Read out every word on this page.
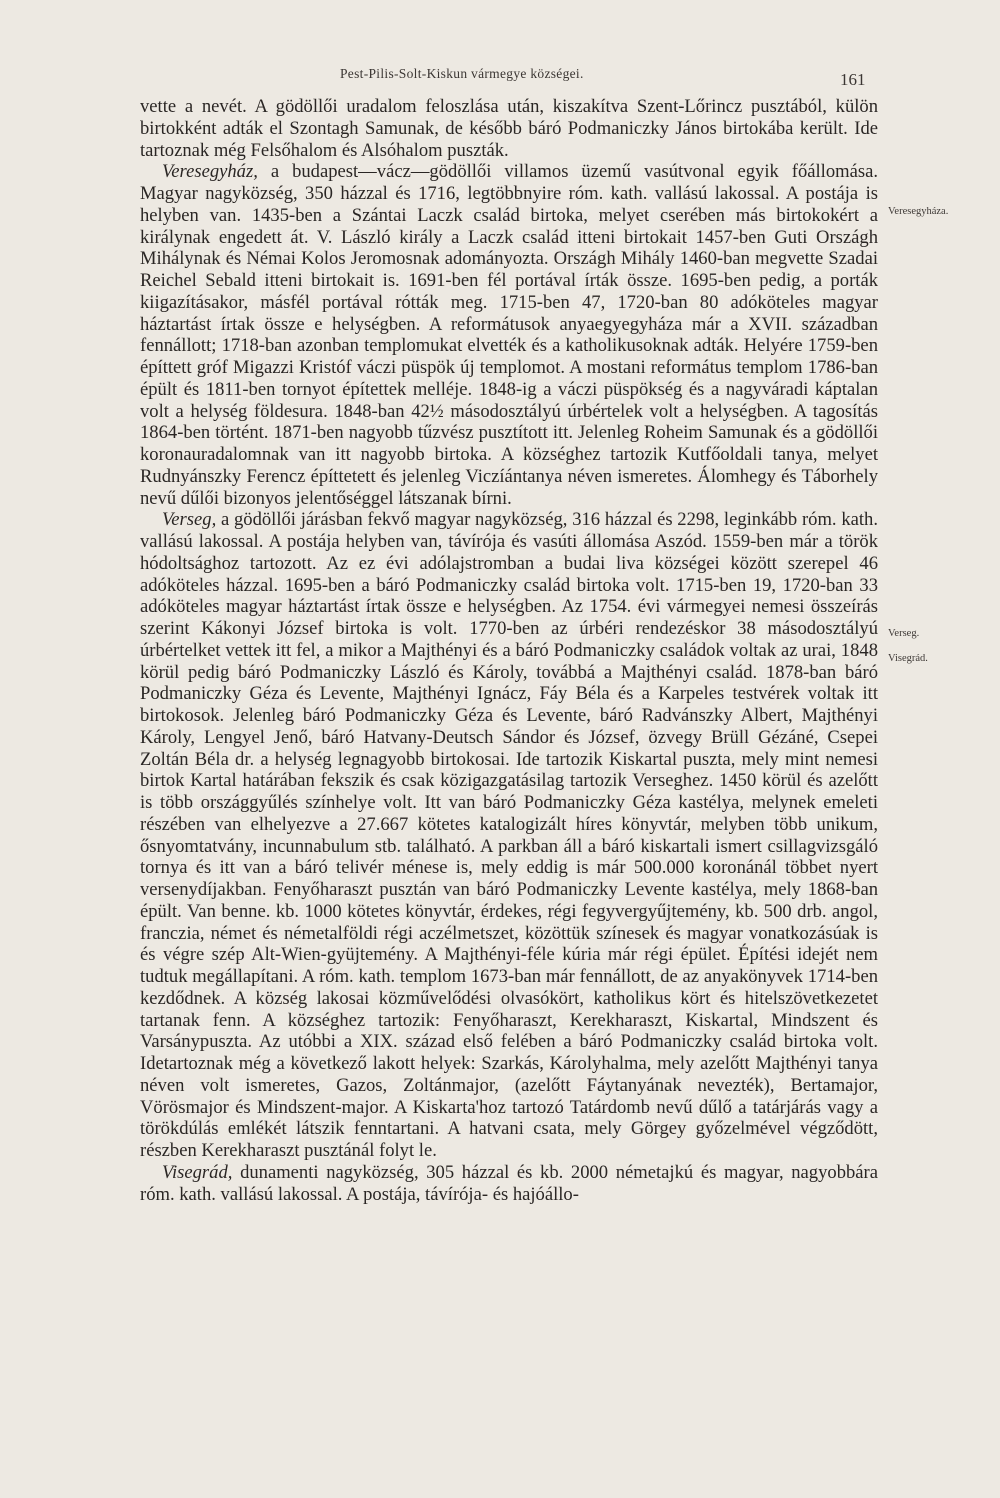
Pest-Pilis-Solt-Kiskun vármegye községei.	161
Veresegyháza.
Verseg.
Visegrád.

vette a nevét. A gödöllői uradalom feloszlása után, kiszakítva Szent-Lőrincz pusztából, külön birtokként adták el Szontagh Samunak, de később báró Podmaniczky János birtokába került. Ide tartoznak még Felsőhalom és Alsóhalom puszták.

Veresegyház, a budapest—vácz—gödöllői villamos üzemű vasútvonal egyik főállomása. Magyar nagyközség, 350 házzal és 1716, legtöbbnyire róm. kath. vallású lakossal. A postája is helyben van. 1435-ben a Szántai Laczk család birtoka, melyet cserében más birtokokért a királynak engedett át. V. László király a Laczk család itteni birtokait 1457-ben Guti Országh Mihálynak és Némai Kolos Jeromosnak adományozta. Országh Mihály 1460-ban megvette Szadai Reichel Sebald itteni birtokait is. 1691-ben fél portával írták össze. 1695-ben pedig, a porták kiigazításakor, másfél portával rótták meg. 1715-ben 47, 1720-ban 80 adóköteles magyar háztartást írtak össze e helységben. A reformátusok anyaegyegyháza már a XVII. században fennállott; 1718-ban azonban templomukat elvették és a katholikusoknak adták. Helyére 1759-ben építtett gróf Migazzi Kristóf váczi püspök új templomot. A mostani református templom 1786-ban épült és 1811-ben tornyot építettek melléje. 1848-ig a váczi püspökség és a nagyváradi káptalan volt a helység földesura. 1848-ban 42½ másodosztályú úrbértelek volt a helységben. A tagosítás 1864-ben történt. 1871-ben nagyobb tűzvész pusztított itt. Jelenleg Roheim Samunak és a gödöllői koronauradalomnak van itt nagyobb birtoka. A községhez tartozik Kutfőoldali tanya, melyet Rudnyánszky Ferencz építtetett és jelenleg Viczíántanya néven ismeretes. Álomhegy és Táborhely nevű dűlői bizonyos jelentőséggel látszanak bírni.

Verseg, a gödöllői járásban fekvő magyar nagyközség, 316 házzal és 2298, leginkább róm. kath. vallású lakossal. A postája helyben van, távírója és vasúti állomása Aszód. 1559-ben már a török hódoltsághoz tartozott. Az ez évi adólajstromban a budai liva községei között szerepel 46 adóköteles házzal. 1695-ben a báró Podmaniczky család birtoka volt. 1715-ben 19, 1720-ban 33 adóköteles magyar háztartást írtak össze e helységben. Az 1754. évi vármegyei nemesi összeírás szerint Kákonyi József birtoka is volt. 1770-ben az úrbéri rendezéskor 38 másodosztályú úrbértelket vettek itt fel, a mikor a Majthényi és a báró Podmaniczky családok voltak az urai, 1848 körül pedig báró Podmaniczky László és Károly, továbbá a Majthényi család. 1878-ban báró Podmaniczky Géza és Levente, Majthényi Ignácz, Fáy Béla és a Karpeles testvérek voltak itt birtokosok. Jelenleg báró Podmaniczky Géza és Levente, báró Radvánszky Albert, Majthényi Károly, Lengyel Jenő, báró Hatvany-Deutsch Sándor és József, özvegy Brüll Gézáné, Csepei Zoltán Béla dr. a helység legnagyobb birtokosai. Ide tartozik Kiskartal puszta, mely mint nemesi birtok Kartal határában fekszik és csak közigazgatásilag tartozik Verseghez. 1450 körül és azelőtt is több országgyűlés színhelye volt. Itt van báró Podmaniczky Géza kastélya, melynek emeleti részében van elhelyezve a 27.667 kötetes katalogizált híres könyvtár, melyben több unikum, ősnyomtatvány, incunnabulum stb. található. A parkban áll a báró kiskartali ismert csillagvizsgáló tornya és itt van a báró telivér ménese is, mely eddig is már 500.000 koronánál többet nyert versenydíjakban. Fenyőharaszt pusztán van báró Podmaniczky Levente kastélya, mely 1868-ban épült. Van benne. kb. 1000 kötetes könyvtár, érdekes, régi fegyvergyűjtemény, kb. 500 drb. angol, franczia, német és németalföldi régi aczélmetszet, közöttük színesek és magyar vonatkozásúak is és végre szép Alt-Wien-gyüjtemény. A Majthényi-féle kúria már régi épület. Építési idejét nem tudtuk megállapítani. A róm. kath. templom 1673-ban már fennállott, de az anyakönyvek 1714-ben kezdődnek. A község lakosai közművelődési olvasókört, katholikus kört és hitelszövetkezetet tartanak fenn. A községhez tartozik: Fenyőharaszt, Kerekharaszt, Kiskartal, Mindszent és Varsánypuszta. Az utóbbi a XIX. század első felében a báró Podmaniczky család birtoka volt. Idetartoznak még a következő lakott helyek: Szarkás, Károlyhalma, mely azelőtt Majthényi tanya néven volt ismeretes, Gazos, Zoltánmajor, (azelőtt Fáytanyának nevezték), Bertamajor, Vörösmajor és Mindszent-major. A Kiskarta'hoz tartozó Tatárdomb nevű dűlő a tatárjárás vagy a törökdúlás emlékét látszik fenntartani. A hatvani csata, mely Görgey győzelmével végződött, részben Kerekharaszt pusztánál folyt le.

Visegrád, dunamenti nagyközség, 305 házzal és kb. 2000 németajkú és magyar, nagyobbára róm. kath. vallású lakossal. A postája, távírója- és hajóállo-
